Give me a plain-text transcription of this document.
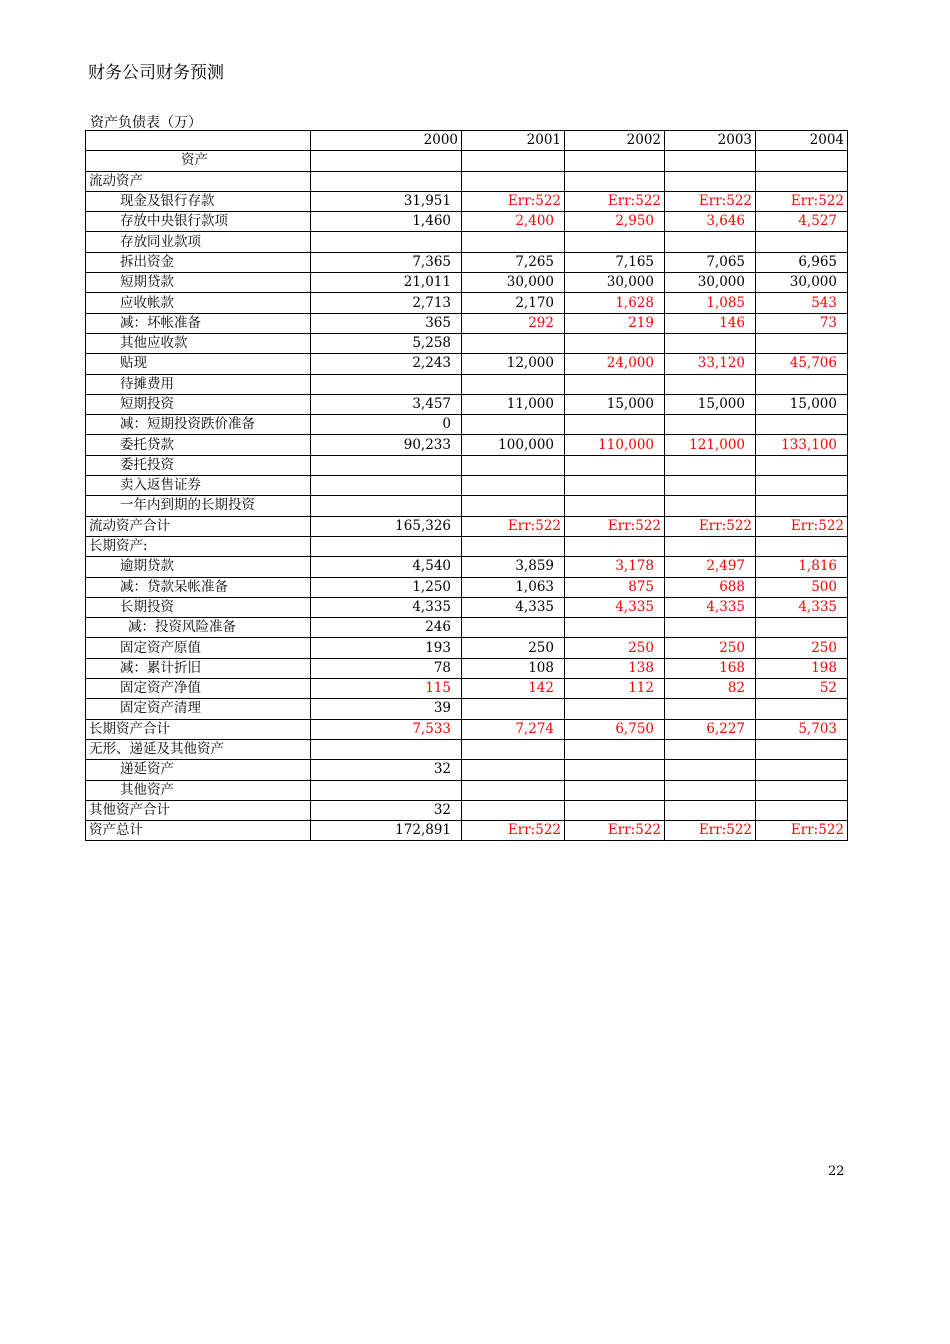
财务公司财务预测
资产负债表（万）
	2000	2001	2002	2003	2004
资产					
流动资产					
现金及银行存款	31,951	Err:522	Err:522	Err:522	Err:522
存放中央银行款项	1,460	2,400	2,950	3,646	4,527
存放同业款项					
拆出资金	7,365	7,265	7,165	7,065	6,965
短期贷款	21,011	30,000	30,000	30,000	30,000
应收帐款	2,713	2,170	1,628	1,085	543
减：坏帐准备	365	292	219	146	73
其他应收款	5,258				
贴现	2,243	12,000	24,000	33,120	45,706
待摊费用					
短期投资	3,457	11,000	15,000	15,000	15,000
减：短期投资跌价准备	0				
委托贷款	90,233	100,000	110,000	121,000	133,100
委托投资					
卖入返售证券					
一年内到期的长期投资					
流动资产合计	165,326	Err:522	Err:522	Err:522	Err:522
长期资产:					
逾期贷款	4,540	3,859	3,178	2,497	1,816
减：贷款呆帐准备	1,250	1,063	875	688	500
长期投资	4,335	4,335	4,335	4,335	4,335
减：投资风险准备	246				
固定资产原值	193	250	250	250	250
减：累计折旧	78	108	138	168	198
固定资产净值	115	142	112	82	52
固定资产清理	39				
长期资产合计	7,533	7,274	6,750	6,227	5,703
无形、递延及其他资产					
递延资产	32				
其他资产					
其他资产合计	32				
资产总计	172,891	Err:522	Err:522	Err:522	Err:522
22
